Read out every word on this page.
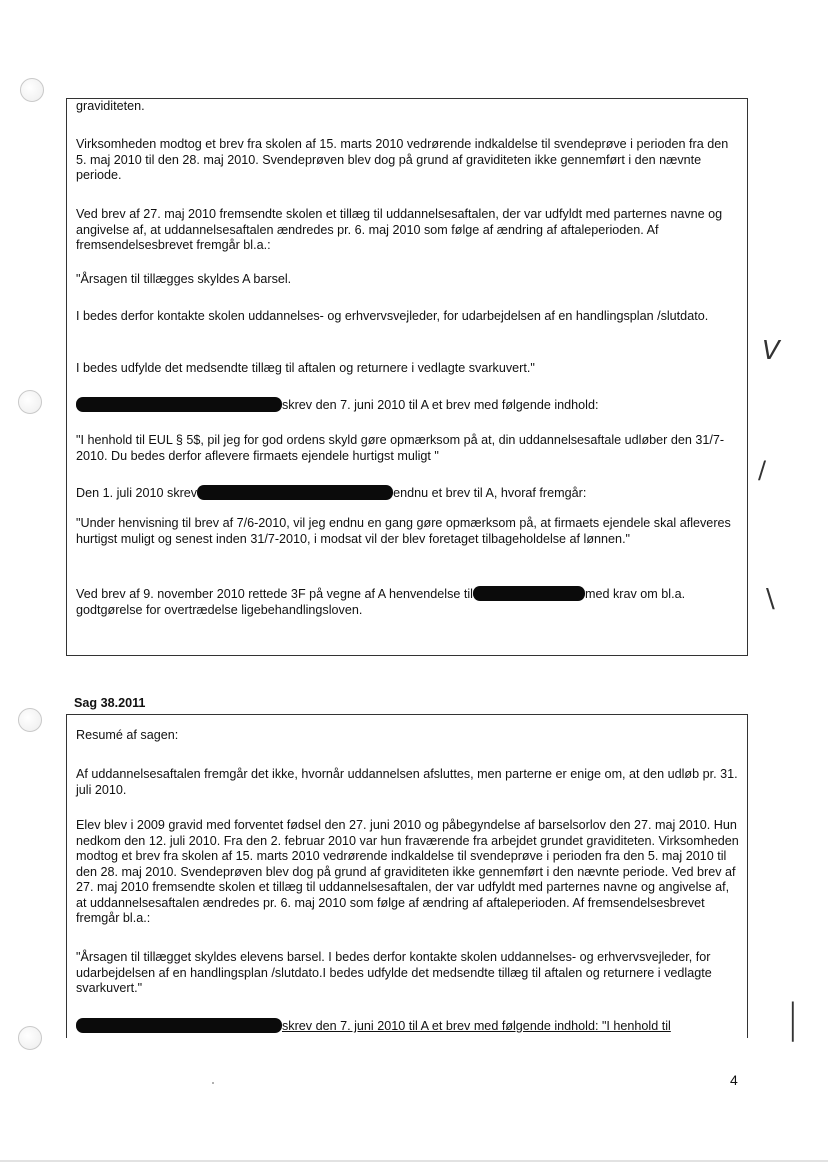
graviditeten.

Virksomheden modtog et brev fra skolen af 15. marts 2010 vedrørende indkaldelse til svendeprøve i perioden fra den 5. maj 2010 til den 28. maj 2010. Svendeprøven blev dog på grund af graviditeten ikke gennemført i den nævnte periode.

Ved brev af 27. maj 2010 fremsendte skolen et tillæg til uddannelsesaftalen, der var udfyldt med parternes navne og angivelse af, at uddannelsesaftalen ændredes pr. 6. maj 2010 som følge af ændring af aftaleperioden. Af fremsendelsesbrevet fremgår bl.a.:

"Årsagen til tillægges skyldes A barsel.

I bedes derfor kontakte skolen uddannelses- og erhvervsvejleder, for udarbejdelsen af en handlingsplan /slutdato.

I bedes udfylde det medsendte tillæg til aftalen og returnere i vedlagte svarkuvert."

skrev den 7. juni 2010 til A et brev med følgende indhold:

"I henhold til EUL § 5$, pil jeg for god ordens skyld gøre opmærksom på at, din uddannelsesaftale udløber den 31/7-2010. Du bedes derfor aflevere firmaets ejendele hurtigst muligt "

Den 1. juli 2010 skrev	endnu et brev til A, hvoraf fremgår:

"Under henvisning til brev af 7/6-2010, vil jeg endnu en gang gøre opmærksom på, at firmaets ejendele skal afleveres hurtigst muligt og senest inden 31/7-2010, i modsat vil der blev foretaget tilbageholdelse af lønnen."

Ved brev af 9. november 2010 rettede 3F på vegne af A henvendelse til	med krav om bl.a. godtgørelse for overtrædelse ligebehandlingsloven.

Sag 38.2011

Resumé af sagen:

Af uddannelsesaftalen fremgår det ikke, hvornår uddannelsen afsluttes, men parterne er enige om, at den udløb pr. 31. juli 2010.

Elev blev i 2009 gravid med forventet fødsel den 27. juni 2010 og påbegyndelse af barselsorlov den 27. maj 2010. Hun nedkom den 12. juli 2010. Fra den 2. februar 2010 var hun fraværende fra arbejdet grundet graviditeten. Virksomheden modtog et brev fra skolen af 15. marts 2010 vedrørende indkaldelse til svendeprøve i perioden fra den 5. maj 2010 til den 28. maj 2010. Svendeprøven blev dog på grund af graviditeten ikke gennemført i den nævnte periode. Ved brev af 27. maj 2010 fremsendte skolen et tillæg til uddannelsesaftalen, der var udfyldt med parternes navne og angivelse af, at uddannelsesaftalen ændredes pr. 6. maj 2010 som følge af ændring af aftaleperioden. Af fremsendelsesbrevet fremgår bl.a.:

"Årsagen til tillægget skyldes elevens barsel. I bedes derfor kontakte skolen uddannelses- og erhvervsvejleder, for udarbejdelsen af en handlingsplan /slutdato.I bedes udfylde det medsendte tillæg til aftalen og returnere i vedlagte svarkuvert."

skrev den 7. juni 2010 til A et brev med følgende indhold: "I henhold til

V
/
\
|
4
